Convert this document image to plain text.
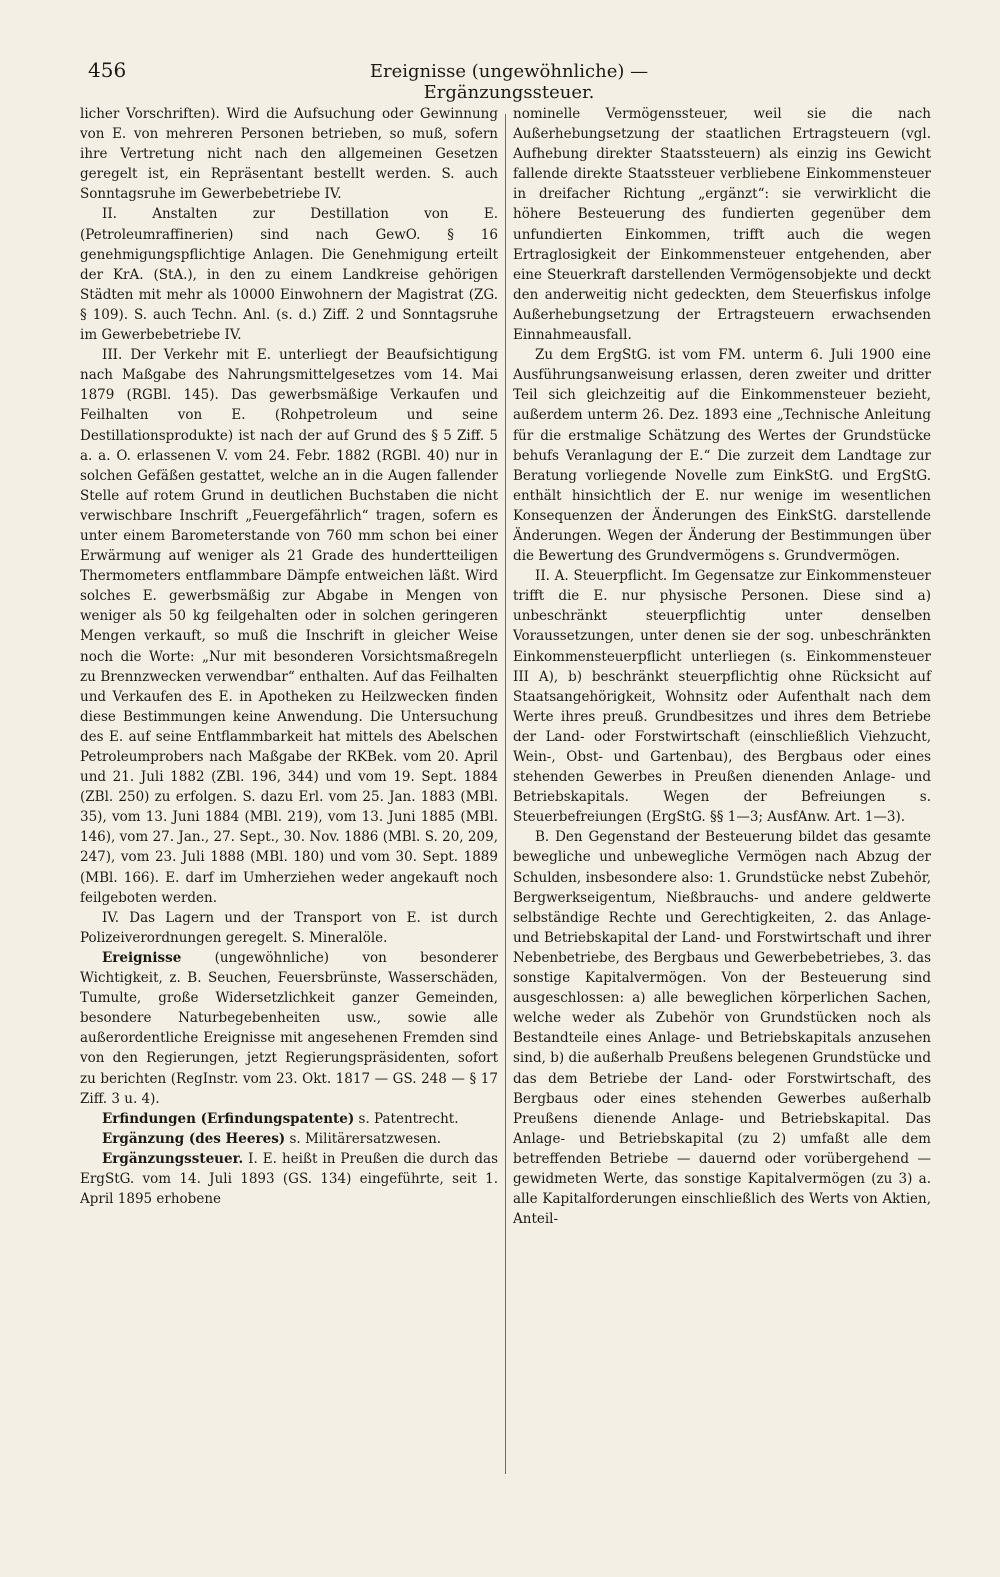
456	Ereignisse (ungewöhnliche) — Ergänzungssteuer.

licher Vorschriften). Wird die Aufsuchung oder Gewinnung von E. von mehreren Personen betrieben, so muß, sofern ihre Vertretung nicht nach den allgemeinen Gesetzen geregelt ist, ein Repräsentant bestellt werden. S. auch Sonntagsruhe im Gewerbebetriebe IV.

II. Anstalten zur Destillation von E. (Petroleumraffinerien) sind nach GewO. § 16 genehmigungspflichtige Anlagen. Die Genehmigung erteilt der KrA. (StA.), in den zu einem Landkreise gehörigen Städten mit mehr als 10000 Einwohnern der Magistrat (ZG. § 109). S. auch Techn. Anl. (s. d.) Ziff. 2 und Sonntagsruhe im Gewerbebetriebe IV.

III. Der Verkehr mit E. unterliegt der Beaufsichtigung nach Maßgabe des Nahrungsmittelgesetzes vom 14. Mai 1879 (RGBl. 145). Das gewerbsmäßige Verkaufen und Feilhalten von E. (Rohpetroleum und seine Destillationsprodukte) ist nach der auf Grund des § 5 Ziff. 5 a. a. O. erlassenen V. vom 24. Febr. 1882 (RGBl. 40) nur in solchen Gefäßen gestattet, welche an in die Augen fallender Stelle auf rotem Grund in deutlichen Buchstaben die nicht verwischbare Inschrift „Feuergefährlich“ tragen, sofern es unter einem Barometerstande von 760 mm schon bei einer Erwärmung auf weniger als 21 Grade des hundertteiligen Thermometers entflammbare Dämpfe entweichen läßt. Wird solches E. gewerbsmäßig zur Abgabe in Mengen von weniger als 50 kg feilgehalten oder in solchen geringeren Mengen verkauft, so muß die Inschrift in gleicher Weise noch die Worte: „Nur mit besonderen Vorsichtsmaßregeln zu Brennzwecken verwendbar“ enthalten. Auf das Feilhalten und Verkaufen des E. in Apotheken zu Heilzwecken finden diese Bestimmungen keine Anwendung. Die Untersuchung des E. auf seine Entflammbarkeit hat mittels des Abelschen Petroleumprobers nach Maßgabe der RKBek. vom 20. April und 21. Juli 1882 (ZBl. 196, 344) und vom 19. Sept. 1884 (ZBl. 250) zu erfolgen. S. dazu Erl. vom 25. Jan. 1883 (MBl. 35), vom 13. Juni 1884 (MBl. 219), vom 13. Juni 1885 (MBl. 146), vom 27. Jan., 27. Sept., 30. Nov. 1886 (MBl. S. 20, 209, 247), vom 23. Juli 1888 (MBl. 180) und vom 30. Sept. 1889 (MBl. 166). E. darf im Umherziehen weder angekauft noch feilgeboten werden.

IV. Das Lagern und der Transport von E. ist durch Polizeiverordnungen geregelt. S. Mineralöle.

Ereignisse (ungewöhnliche) von besonderer Wichtigkeit, z. B. Seuchen, Feuersbrünste, Wasserschäden, Tumulte, große Widersetzlichkeit ganzer Gemeinden, besondere Naturbegebenheiten usw., sowie alle außerordentliche Ereignisse mit angesehenen Fremden sind von den Regierungen, jetzt Regierungspräsidenten, sofort zu berichten (RegInstr. vom 23. Okt. 1817 — GS. 248 — § 17 Ziff. 3 u. 4).

Erfindungen (Erfindungspatente) s. Patentrecht.

Ergänzung (des Heeres) s. Militärersatzwesen.

Ergänzungssteuer. I. E. heißt in Preußen die durch das ErgStG. vom 14. Juli 1893 (GS. 134) eingeführte, seit 1. April 1895 erhobene

nominelle Vermögenssteuer, weil sie die nach Außerhebungsetzung der staatlichen Ertragsteuern (vgl. Aufhebung direkter Staatssteuern) als einzig ins Gewicht fallende direkte Staatssteuer verbliebene Einkommensteuer in dreifacher Richtung „ergänzt“: sie verwirklicht die höhere Besteuerung des fundierten gegenüber dem unfundierten Einkommen, trifft auch die wegen Ertraglosigkeit der Einkommensteuer entgehenden, aber eine Steuerkraft darstellenden Vermögensobjekte und deckt den anderweitig nicht gedeckten, dem Steuerfiskus infolge Außerhebungsetzung der Ertragsteuern erwachsenden Einnahmeausfall.

Zu dem ErgStG. ist vom FM. unterm 6. Juli 1900 eine Ausführungsanweisung erlassen, deren zweiter und dritter Teil sich gleichzeitig auf die Einkommensteuer bezieht, außerdem unterm 26. Dez. 1893 eine „Technische Anleitung für die erstmalige Schätzung des Wertes der Grundstücke behufs Veranlagung der E.“ Die zurzeit dem Landtage zur Beratung vorliegende Novelle zum EinkStG. und ErgStG. enthält hinsichtlich der E. nur wenige im wesentlichen Konsequenzen der Änderungen des EinkStG. darstellende Änderungen. Wegen der Änderung der Bestimmungen über die Bewertung des Grundvermögens s. Grundvermögen.

II. A. Steuerpflicht. Im Gegensatze zur Einkommensteuer trifft die E. nur physische Personen. Diese sind a) unbeschränkt steuerpflichtig unter denselben Voraussetzungen, unter denen sie der sog. unbeschränkten Einkommensteuerpflicht unterliegen (s. Einkommensteuer III A), b) beschränkt steuerpflichtig ohne Rücksicht auf Staatsangehörigkeit, Wohnsitz oder Aufenthalt nach dem Werte ihres preuß. Grundbesitzes und ihres dem Betriebe der Land- oder Forstwirtschaft (einschließlich Viehzucht, Wein-, Obst- und Gartenbau), des Bergbaus oder eines stehenden Gewerbes in Preußen dienenden Anlage- und Betriebskapitals. Wegen der Befreiungen s. Steuerbefreiungen (ErgStG. §§ 1—3; AusfAnw. Art. 1—3).

B. Den Gegenstand der Besteuerung bildet das gesamte bewegliche und unbewegliche Vermögen nach Abzug der Schulden, insbesondere also: 1. Grundstücke nebst Zubehör, Bergwerkseigentum, Nießbrauchs- und andere geldwerte selbständige Rechte und Gerechtigkeiten, 2. das Anlage- und Betriebskapital der Land- und Forstwirtschaft und ihrer Nebenbetriebe, des Bergbaus und Gewerbebetriebes, 3. das sonstige Kapitalvermögen. Von der Besteuerung sind ausgeschlossen: a) alle beweglichen körperlichen Sachen, welche weder als Zubehör von Grundstücken noch als Bestandteile eines Anlage- und Betriebskapitals anzusehen sind, b) die außerhalb Preußens belegenen Grundstücke und das dem Betriebe der Land- oder Forstwirtschaft, des Bergbaus oder eines stehenden Gewerbes außerhalb Preußens dienende Anlage- und Betriebskapital. Das Anlage- und Betriebskapital (zu 2) umfaßt alle dem betreffenden Betriebe — dauernd oder vorübergehend — gewidmeten Werte, das sonstige Kapitalvermögen (zu 3) a. alle Kapitalforderungen einschließlich des Werts von Aktien, Anteil-
